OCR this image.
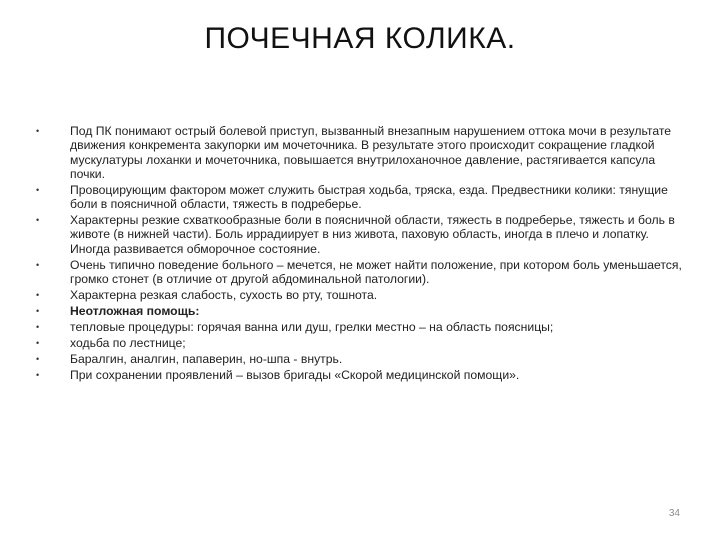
ПОЧЕЧНАЯ КОЛИКА.
•	Под ПК понимают острый болевой приступ, вызванный внезапным нарушением оттока мочи в результате движения конкремента закупорки им мочеточника. В результате этого происходит сокращение гладкой мускулатуры лоханки и мочеточника, повышается внутрилоханочное давление, растягивается капсула почки.
•	Провоцирующим фактором может служить быстрая ходьба, тряска, езда. Предвестники колики: тянущие боли в поясничной области, тяжесть в подреберье.
•	Характерны резкие схваткообразные боли в поясничной области, тяжесть в подреберье, тяжесть и боль в животе (в нижней части). Боль иррадиирует в низ живота, паховую область, иногда в плечо и лопатку. Иногда развивается обморочное состояние.
•	Очень типично поведение больного – мечется, не может найти положение, при котором боль уменьшается, громко стонет (в отличие от другой абдоминальной патологии).
•	Характерна резкая слабость, сухость во рту, тошнота.
•	Неотложная помощь:
•	тепловые процедуры: горячая ванна или душ, грелки местно – на область поясницы;
•	ходьба по лестнице;
•	Баралгин, аналгин, папаверин, но-шпа - внутрь.
•	При сохранении проявлений – вызов бригады «Скорой медицинской помощи».
34
